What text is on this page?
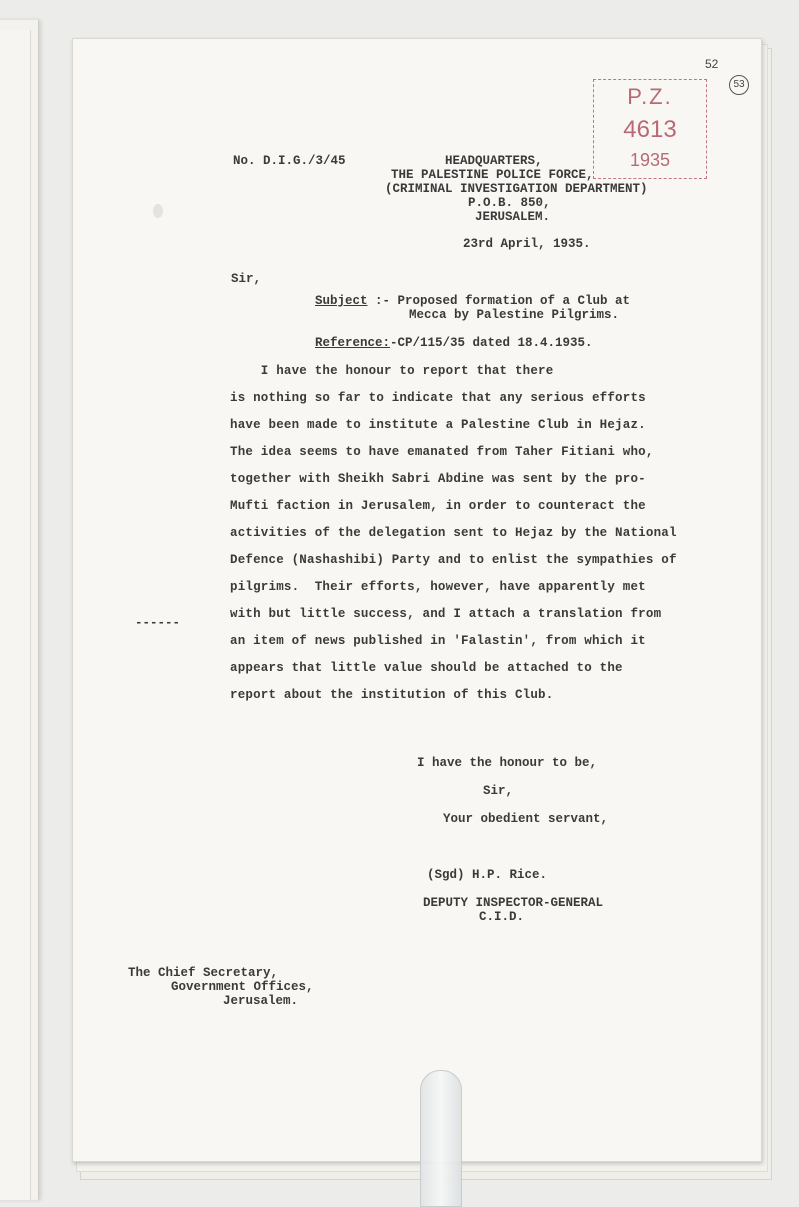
P.Z.
4613
1935
52
53
No. D.I.G./3/45	HEADQUARTERS,
THE PALESTINE POLICE FORCE,
(CRIMINAL INVESTIGATION DEPARTMENT)
P.O.B. 850,
JERUSALEM.
23rd April, 1935.
Sir,
Subject :- Proposed formation of a Club at
Mecca by Palestine Pilgrims.
Reference:-CP/115/35 dated 18.4.1935.
I have the honour to report that there
is nothing so far to indicate that any serious efforts
have been made to institute a Palestine Club in Hejaz.
The idea seems to have emanated from Taher Fitiani who,
together with Sheikh Sabri Abdine was sent by the pro-
Mufti faction in Jerusalem, in order to counteract the
activities of the delegation sent to Hejaz by the National
Defence (Nashashibi) Party and to enlist the sympathies of
pilgrims.  Their efforts, however, have apparently met
with but little success, and I attach a translation from
an item of news published in 'Falastin', from which it
appears that little value should be attached to the
report about the institution of this Club.
------
I have the honour to be,
Sir,
Your obedient servant,
(Sgd) H.P. Rice.
DEPUTY INSPECTOR-GENERAL
C.I.D.
The Chief Secretary,
Government Offices,
Jerusalem.
